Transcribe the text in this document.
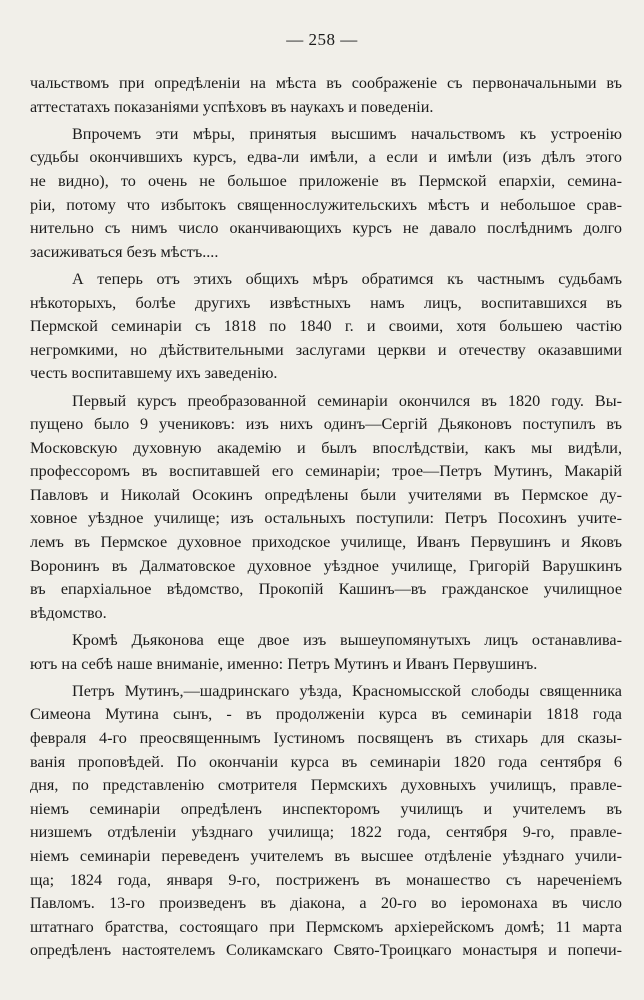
— 258 —
чальствомъ при опредѣленіи на мѣста въ соображеніе съ первоначальными въ
аттестатахъ показаніями успѣховъ въ наукахъ и поведеніи.
Впрочемъ эти мѣры, принятыя высшимъ начальствомъ къ устроенію
судьбы окончившихъ курсъ, едва-ли имѣли, а если и имѣли (изъ дѣлъ этого
не видно), то очень не большое приложеніе въ Пермской епархіи, семина-
ріи, потому что избытокъ священнослужительскихъ мѣстъ и небольшое срав-
нительно съ нимъ число оканчивающихъ курсъ не давало послѣднимъ долго
засиживаться безъ мѣстъ....
А теперь отъ этихъ общихъ мѣръ обратимся къ частнымъ судьбамъ
нѣкоторыхъ, болѣе другихъ извѣстныхъ намъ лицъ, воспитавшихся въ
Пермской семинаріи съ 1818 по 1840 г. и своими, хотя большею частію
негромкими, но дѣйствительными заслугами церкви и отечеству оказавшими
честь воспитавшему ихъ заведенію.
Первый курсъ преобразованной семинаріи окончился въ 1820 году. Вы-
пущено было 9 учениковъ: изъ нихъ одинъ—Сергій Дьяконовъ поступилъ въ
Московскую духовную академію и былъ впослѣдствіи, какъ мы видѣли,
профессоромъ въ воспитавшей его семинаріи; трое—Петръ Мутинъ, Макарій
Павловъ и Николай Осокинъ опредѣлены были учителями въ Пермское ду-
ховное уѣздное училище; изъ остальныхъ поступили: Петръ Посохинъ учите-
лемъ въ Пермское духовное приходское училище, Иванъ Первушинъ и Яковъ
Воронинъ въ Далматовское духовное уѣздное училище, Григорій Варушкинъ
въ епархіальное вѣдомство, Прокопій Кашинъ—въ гражданское училищное
вѣдомство.
Кромѣ Дьяконова еще двое изъ вышеупомянутыхъ лицъ останавлива-
ютъ на себѣ наше вниманіе, именно: Петръ Мутинъ и Иванъ Первушинъ.
Петръ Мутинъ,—шадринскаго уѣзда, Красномысской слободы священника
Симеона Мутина сынъ, - въ продолженіи курса въ семинаріи 1818 года
февраля 4-го преосвященнымъ Іустиномъ посвященъ въ стихарь для сказы-
ванія проповѣдей. По окончаніи курса въ семинаріи 1820 года сентября 6
дня, по представленію смотрителя Пермскихъ духовныхъ училищъ, правле-
ніемъ семинаріи опредѣленъ инспекторомъ училищъ и учителемъ въ
низшемъ отдѣленіи уѣзднаго училища; 1822 года, сентября 9-го, правле-
ніемъ семинаріи переведенъ учителемъ въ высшее отдѣленіе уѣзднаго учили-
ща; 1824 года, января 9-го, постриженъ въ монашество съ нареченіемъ
Павломъ. 13-го произведенъ въ діакона, а 20-го во іеромонаха въ число
штатнаго братства, состоящаго при Пермскомъ архіерейскомъ домѣ; 11 марта
опредѣленъ настоятелемъ Соликамскаго Свято-Троицкаго монастыря и попечи-
